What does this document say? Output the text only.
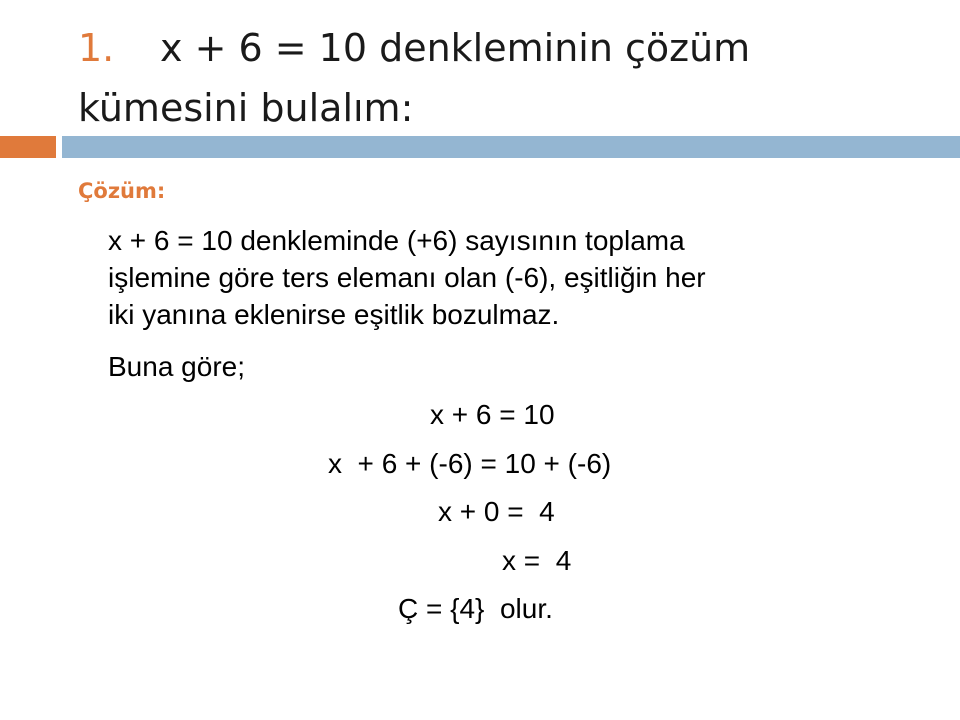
1. x + 6 = 10 denkleminin çözüm
kümesini bulalım:
Çözüm:
x + 6 = 10 denkleminde (+6) sayısının toplama
işlemine göre ters elemanı olan (-6), eşitliğin her
iki yanına eklenirse eşitlik bozulmaz.
Buna göre;
x + 6 = 10
x  + 6 + (-6) = 10 + (-6)
x + 0 =  4
x =  4
Ç = {4}  olur.
